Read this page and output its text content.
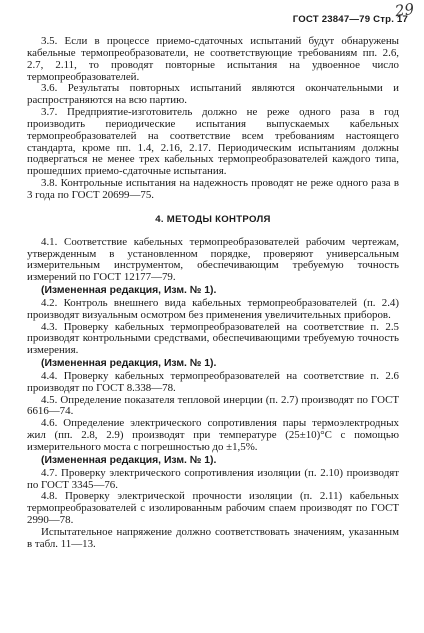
29
ГОСТ 23847—79 Стр. 17

3.5. Если в процессе приемо-сдаточных испытаний будут обнаружены кабельные термопреобразователи, не соответствующие требованиям пп. 2.6, 2.7, 2.11, то проводят повторные испытания на удвоенное число термопреобразователей.

3.6. Результаты повторных испытаний являются окончательными и распространяются на всю партию.

3.7. Предприятие-изготовитель должно не реже одного раза в год производить периодические испытания выпускаемых кабельных термопреобразователей на соответствие всем требованиям настоящего стандарта, кроме пп. 1.4, 2.16, 2.17. Периодическим испытаниям должны подвергаться не менее трех кабельных термопреобразователей каждого типа, прошедших приемо-сдаточные испытания.

3.8. Контрольные испытания на надежность проводят не реже одного раза в 3 года по ГОСТ 20699—75.

4. МЕТОДЫ КОНТРОЛЯ

4.1. Соответствие кабельных термопреобразователей рабочим чертежам, утвержденным в установленном порядке, проверяют универсальным измерительным инструментом, обеспечивающим требуемую точность измерений по ГОСТ 12177—79.

(Измененная редакция, Изм. № 1).

4.2. Контроль внешнего вида кабельных термопреобразователей (п. 2.4) производят визуальным осмотром без применения увеличительных приборов.

4.3. Проверку кабельных термопреобразователей на соответствие п. 2.5 производят контрольными средствами, обеспечивающими требуемую точность измерения.

(Измененная редакция, Изм. № 1).

4.4. Проверку кабельных термопреобразователей на соответствие п. 2.6 производят по ГОСТ 8.338—78.

4.5. Определение показателя тепловой инерции (п. 2.7) производят по ГОСТ 6616—74.

4.6. Определение электрического сопротивления пары термоэлектродных жил (пп. 2.8, 2.9) производят при температуре (25±10)°С с помощью измерительного моста с погрешностью до ±1,5%.

(Измененная редакция, Изм. № 1).

4.7. Проверку электрического сопротивления изоляции (п. 2.10) производят по ГОСТ 3345—76.

4.8. Проверку электрической прочности изоляции (п. 2.11) кабельных термопреобразователей с изолированным рабочим спаем производят по ГОСТ 2990—78.

Испытательное напряжение должно соответствовать значениям, указанным в табл. 11—13.
